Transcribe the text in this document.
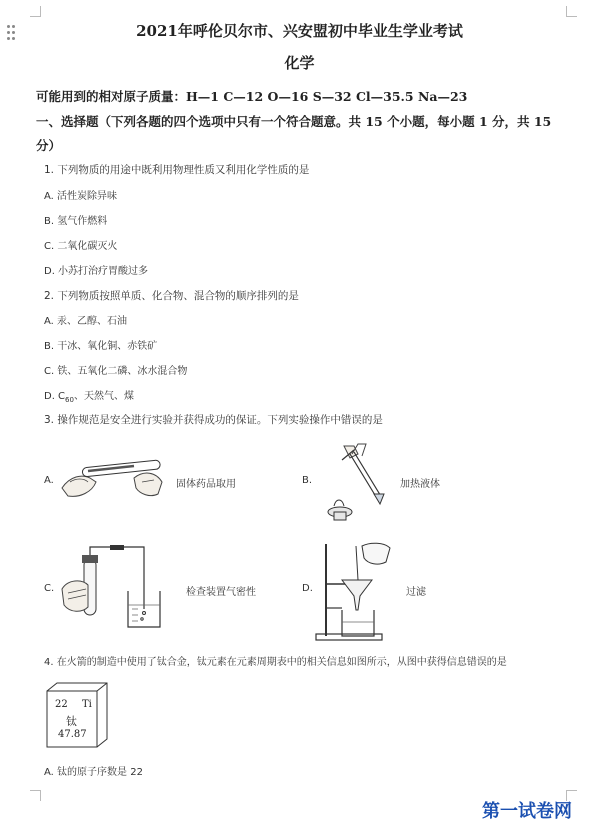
2021年呼伦贝尔市、兴安盟初中毕业生学业考试
化学
可能用到的相对原子质量：H—1 C—12 O—16 S—32 Cl—35.5 Na—23
一、选择题（下列各题的四个选项中只有一个符合题意。共 15 个小题，每小题 1 分，共 15
分）
1. 下列物质的用途中既利用物理性质又利用化学性质的是
A. 活性炭除异味
B. 氢气作燃料
C. 二氧化碳灭火
D. 小苏打治疗胃酸过多
2. 下列物质按照单质、化合物、混合物的顺序排列的是
A. 汞、乙醇、石油
B. 干冰、氧化铜、赤铁矿
C. 铁、五氧化二磷、冰水混合物
D. $C_{60}$、天然气、煤
3. 操作规范是安全进行实验并获得成功的保证。下列实验操作中错误的是
A.	固体药品取用	B.	加热液体
C.	检查装置气密性	D.	过滤
4. 在火箭的制造中使用了钛合金，钛元素在元素周期表中的相关信息如图所示，从图中获得信息错误的是
22 Ti
钛
47.87
A. 钛的原子序数是 22
第一试卷网
